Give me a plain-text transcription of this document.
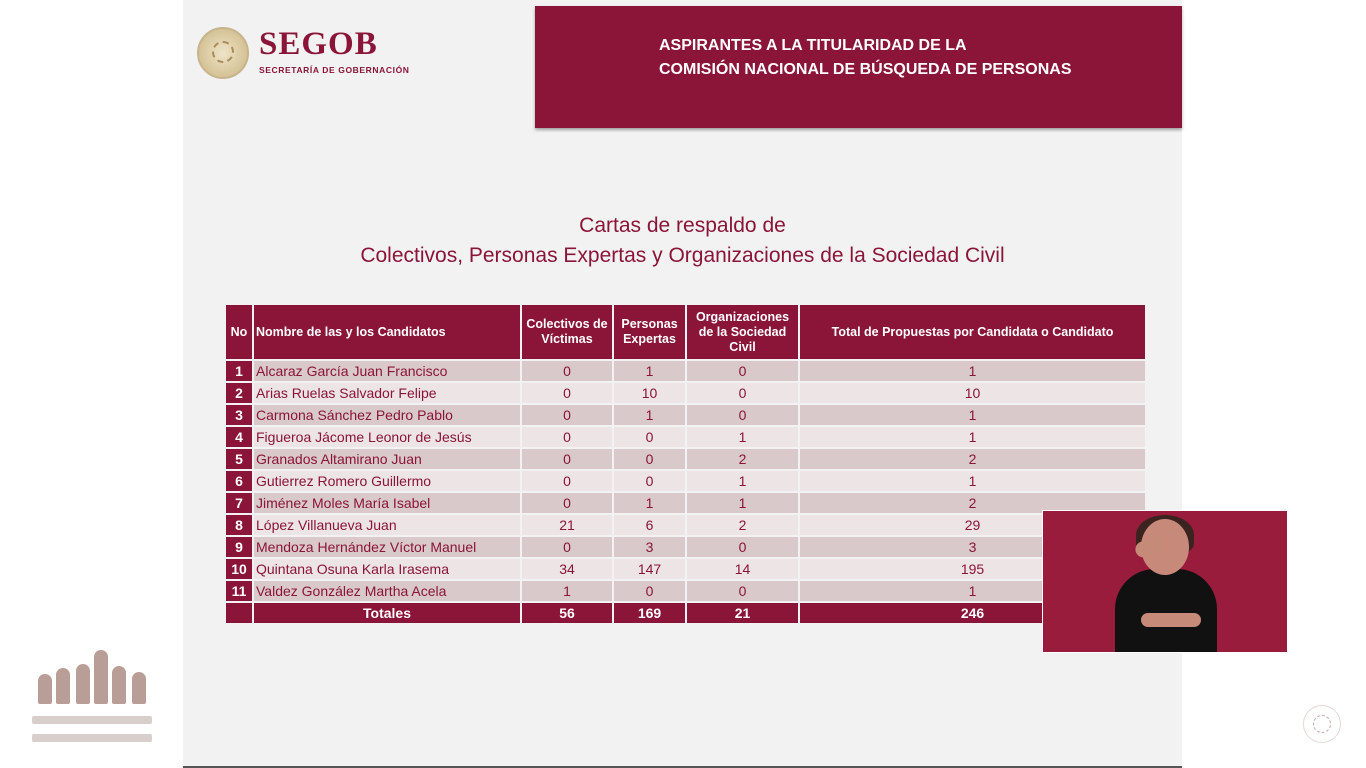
SEGOB
SECRETARÍA DE GOBERNACIÓN
ASPIRANTES A LA TITULARIDAD DE LA
COMISIÓN NACIONAL DE BÚSQUEDA DE PERSONAS
Cartas de respaldo de
Colectivos, Personas Expertas y Organizaciones de la Sociedad Civil
No	Nombre de las y los Candidatos	Colectivos de Víctimas	Personas Expertas	Organizaciones de la Sociedad Civil	Total de Propuestas por Candidata o Candidato
1	Alcaraz García Juan Francisco	0	1	0	1
2	Arias Ruelas Salvador Felipe	0	10	0	10
3	Carmona Sánchez Pedro Pablo	0	1	0	1
4	Figueroa Jácome Leonor de Jesús	0	0	1	1
5	Granados Altamirano Juan	0	0	2	2
6	Gutierrez Romero Guillermo	0	0	1	1
7	Jiménez Moles María Isabel	0	1	1	2
8	López Villanueva Juan	21	6	2	29
9	Mendoza Hernández Víctor Manuel	0	3	0	3
10	Quintana Osuna Karla Irasema	34	147	14	195
11	Valdez González Martha Acela	1	0	0	1
	Totales	56	169	21	246
